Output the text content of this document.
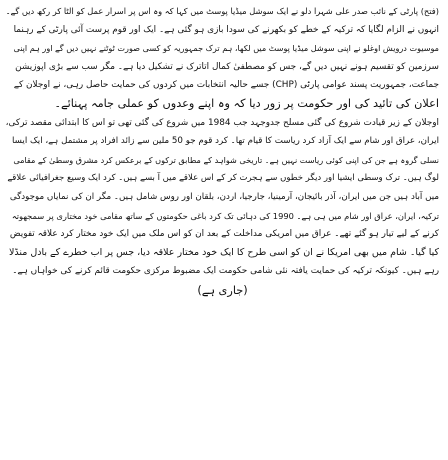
(فتح) پارٹی کے نائب صدر علی شہرا دلو نے ایک سوشل میڈیا پوسٹ میں کہا کہ وہ اس پر اسرار عمل کو الٹا کر رکھ دیں گے۔
انہوں نے الزام لگایا کہ ترکیہ کے خطے کو بکھرنے کی سودا بازی ہو گئی ہے۔ ایک اور قوم پرست آئی پارٹی کے رہنما
موسیوت درویش اوغلو نے اپنی سوشل میڈیا پوسٹ میں لکھا، ہم ترک جمہوریہ کو کسی صورت ٹوٹنے نہیں دیں گے اور ہم اپنی
سرزمین کو تقسیم ہونے نہیں دیں گے، جس کو مصطفیٰ کمال اتاترک نے تشکیل دیا ہے۔ مگر سب سے بڑی اپوزیشن
جماعت، جمہوریت پسند عوامی پارٹی (CHP) جسے حالیہ انتخابات میں کردوں کی حمایت حاصل رہی، نے اوجلان کے
اعلان کی تائید کی اور حکومت پر زور دیا کہ وہ اپنے وعدوں کو عملی جامہ پہنائے۔
اوجلان کے زیر قیادت شروع کی گئی مسلح جدوجہد جب 1984 میں شروع کی گئی تھی تو اس کا ابتدائی مقصد ترکی،
ایران، عراق اور شام سے ایک آزاد کرد ریاست کا قیام تھا۔ کرد قوم جو 50 ملین سے زائد افراد پر مشتمل ہے، ایک ایسا
نسلی گروہ ہے جن کی اپنی کوئی ریاست نہیں ہے۔ تاریخی شواہد کے مطابق ترکوں کے برعکس کرد مشرق وسطیٰ کے مقامی
لوگ ہیں۔ ترک وسطی ایشیا اور دیگر خطوں سے ہجرت کر کے اس علاقے میں آ بسے ہیں۔ کرد ایک وسیع جغرافیائی علاقے
میں آباد ہیں جن میں ایران، آذر بائیجان، آرمینیا، جارجیا، اردن، بلقان اور روس شامل ہیں۔ مگر ان کی نمایاں موجودگی
ترکیہ، ایران، عراق اور شام میں ہی ہے۔ 1990 کی دہائی تک کرد باغی حکومتوں کے ساتھ مقامی خود مختاری پر سمجھوتہ
کرنے کے لیے تیار ہو گئے تھے۔ عراق میں امریکی مداخلت کے بعد ان کو اس ملک میں ایک خود مختار کرد علاقہ تفویض
کیا گیا۔ شام میں بھی امریکا نے ان کو اسی طرح کا ایک خود مختار علاقہ دیا، جس پر اب خطرے کے بادل منڈلا
رہے ہیں۔ کیونکہ ترکیہ کی حمایت یافتہ نئی شامی حکومت ایک مضبوط مرکزی حکومت قائم کرنے کی خواہاں ہے۔
(جاری ہے)
